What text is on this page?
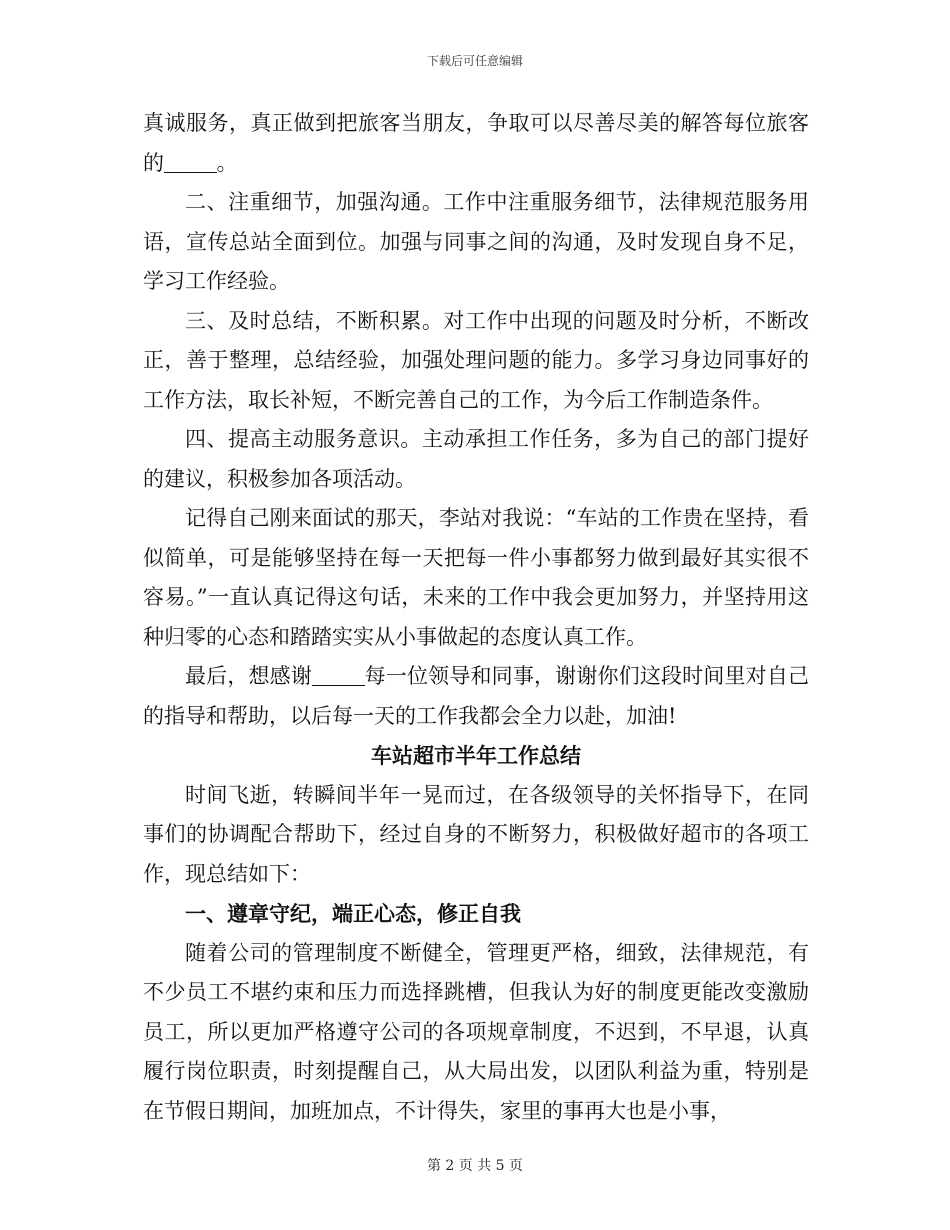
下载后可任意编辑

真诚服务，真正做到把旅客当朋友，争取可以尽善尽美的解答每位旅客的	。

二、注重细节，加强沟通。工作中注重服务细节，法律规范服务用语，宣传总站全面到位。加强与同事之间的沟通，及时发现自身不足，学习工作经验。

三、及时总结，不断积累。对工作中出现的问题及时分析，不断改正，善于整理，总结经验，加强处理问题的能力。多学习身边同事好的工作方法，取长补短，不断完善自己的工作，为今后工作制造条件。

四、提高主动服务意识。主动承担工作任务，多为自己的部门提好的建议，积极参加各项活动。

记得自己刚来面试的那天，李站对我说：“车站的工作贵在坚持，看似简单，可是能够坚持在每一天把每一件小事都努力做到最好其实很不容易。”一直认真记得这句话，未来的工作中我会更加努力，并坚持用这种归零的心态和踏踏实实从小事做起的态度认真工作。

最后，想感谢	每一位领导和同事，谢谢你们这段时间里对自己的指导和帮助，以后每一天的工作我都会全力以赴，加油!

车站超市半年工作总结

时间飞逝，转瞬间半年一晃而过，在各级领导的关怀指导下，在同事们的协调配合帮助下，经过自身的不断努力，积极做好超市的各项工作，现总结如下：

一、遵章守纪，端正心态，修正自我

随着公司的管理制度不断健全，管理更严格，细致，法律规范，有不少员工不堪约束和压力而选择跳槽，但我认为好的制度更能改变激励员工，所以更加严格遵守公司的各项规章制度，不迟到，不早退，认真履行岗位职责，时刻提醒自己，从大局出发，以团队利益为重，特别是在节假日期间，加班加点，不计得失，家里的事再大也是小事，

第 2 页 共 5 页
